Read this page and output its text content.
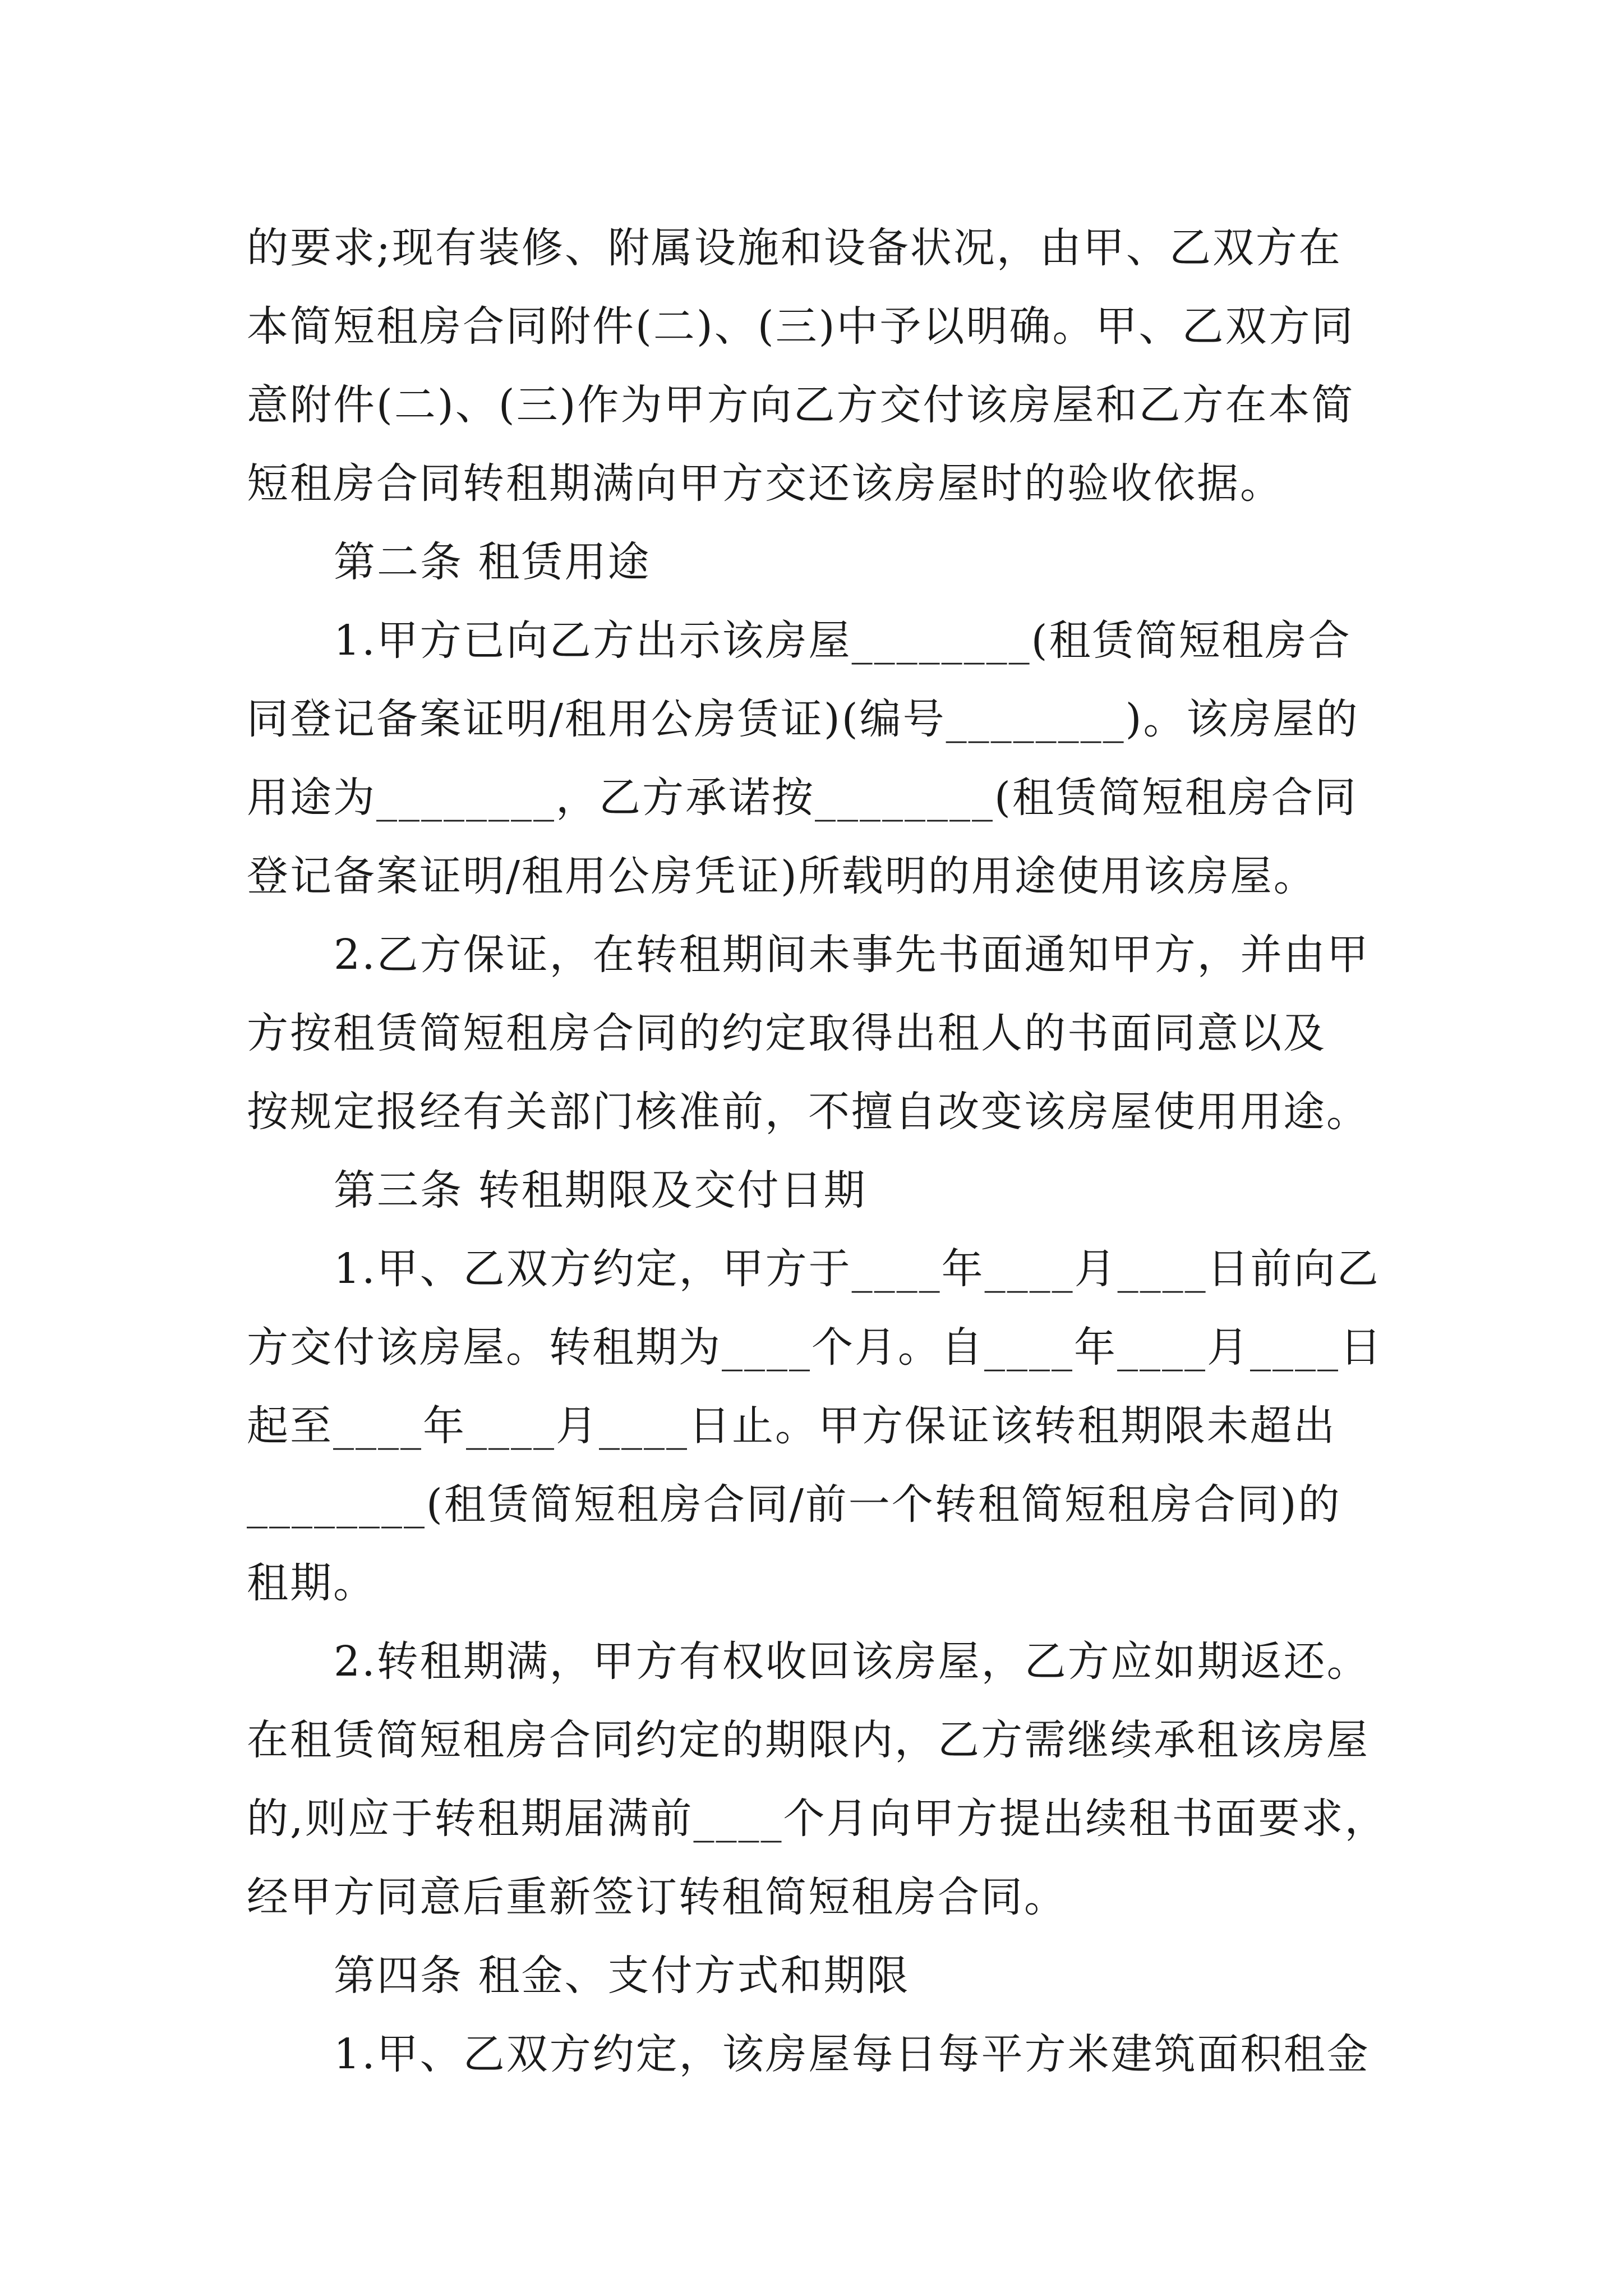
的要求;现有装修、附属设施和设备状况，由甲、乙双方在
本简短租房合同附件(二)、(三)中予以明确。甲、乙双方同
意附件(二)、(三)作为甲方向乙方交付该房屋和乙方在本简
短租房合同转租期满向甲方交还该房屋时的验收依据。
第二条 租赁用途
1.甲方已向乙方出示该房屋________(租赁简短租房合
同登记备案证明/租用公房赁证)(编号________)。该房屋的
用途为________，乙方承诺按________(租赁简短租房合同
登记备案证明/租用公房凭证)所载明的用途使用该房屋。
2.乙方保证，在转租期间未事先书面通知甲方，并由甲
方按租赁简短租房合同的约定取得出租人的书面同意以及
按规定报经有关部门核准前，不擅自改变该房屋使用用途。
第三条 转租期限及交付日期
1.甲、乙双方约定，甲方于____年____月____日前向乙
方交付该房屋。转租期为____个月。自____年____月____日
起至____年____月____日止。甲方保证该转租期限未超出
________(租赁简短租房合同/前一个转租简短租房合同)的
租期。
2.转租期满，甲方有权收回该房屋，乙方应如期返还。
在租赁简短租房合同约定的期限内，乙方需继续承租该房屋
的,则应于转租期届满前____个月向甲方提出续租书面要求，
经甲方同意后重新签订转租简短租房合同。
第四条 租金、支付方式和期限
1.甲、乙双方约定，该房屋每日每平方米建筑面积租金
